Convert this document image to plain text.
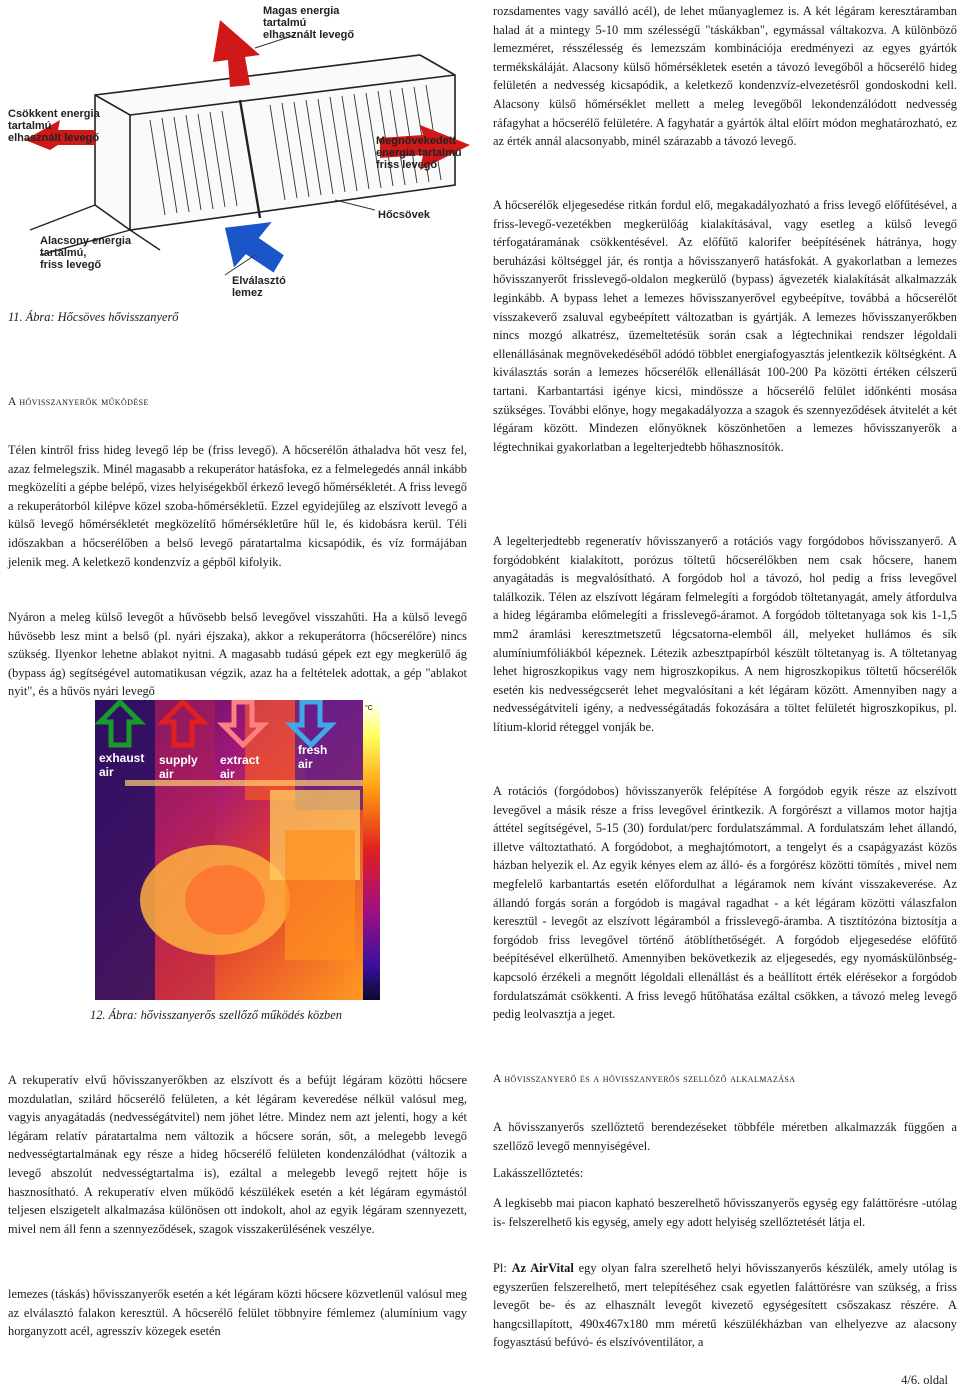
Magas energia
tartalmú
elhasznált levegő
Csökkent energia
tartalmú
elhasznált levegő	Megnövekedett
energia tartalmú
friss levegő
Hőcsövek
Alacsony energia
tartalmú,
friss levegő
Elválasztó
lemez
11. Ábra: Hőcsöves hővisszanyerő
A hővisszanyerők működése
Télen kintről friss hideg levegő lép be (friss levegő). A hőcserélőn áthaladva hőt vesz fel, azaz felmelegszik. Minél magasabb a rekuperátor hatásfoka, ez a felmelegedés annál inkább megközelíti a gépbe belépő, vizes helyiségekből érkező levegő hőmérsékletét. A friss levegő a rekuperátorból kilépve közel szoba-hőmérsékletű. Ezzel egyidejűleg az elszívott levegő a külső levegő hőmérsékletét megközelítő hőmérsékletűre hűl le, és kidobásra kerül. Téli időszakban a hőcserélőben a belső levegő páratartalma kicsapódik, és víz formájában jelenik meg. A keletkező kondenzvíz a gépből kifolyik.
Nyáron a meleg külső levegőt a hűvösebb belső levegővel visszahűti. Ha a külső levegő hűvösebb lesz mint a belső (pl. nyári éjszaka), akkor a rekuperátorra (hőcserélőre) nincs szükség. Ilyenkor lehetne ablakot nyitni. A magasabb tudású gépek ezt egy megkerülő ág (bypass ág) segítségével automatikusan végzik, azaz ha a feltételek adottak, a gép "ablakot nyit", és a hűvös nyári levegő
°C
exhaust
air
supply
air
extract
air
fresh
air
12. Ábra: hővisszanyerős szellőző működés közben
A rekuperatív elvű hővisszanyerőkben az elszívott és a befújt légáram közötti hőcsere mozdulatlan, szilárd hőcserélő felületen, a két légáram keveredése nélkül valósul meg, vagyis anyagátadás (nedvességátvitel) nem jöhet létre. Mindez nem azt jelenti, hogy a két légáram relatív páratartalma nem változik a hőcsere során, sőt, a melegebb levegő nedvességtartalmának egy része a hideg hőcserélő felületen kondenzálódhat (változik a levegő abszolút nedvességtartalma is), ezáltal a melegebb levegő rejtett hője is hasznosítható. A rekuperatív elven működő készülékek esetén a két légáram egymástól teljesen elszigetelt alkalmazása különösen ott indokolt, ahol az egyik légáram szennyezett, mivel nem áll fenn a szennyeződések, szagok visszakerülésének veszélye.
lemezes (táskás) hővisszanyerők esetén a két légáram közti hőcsere közvetlenül valósul meg az elválasztó falakon keresztül. A hőcserélő felület többnyire fémlemez (alumínium vagy horganyzott acél, agresszív közegek esetén
rozsdamentes vagy saválló acél), de lehet műanyaglemez is. A két légáram keresztáramban halad át a mintegy 5-10 mm szélességű "táskákban", egymással váltakozva. A különböző lemezméret, résszélesség és lemezszám kombinációja eredményezi az egyes gyártók termékskáláját. Alacsony külső hőmérsékletek esetén a távozó levegőből a hőcserélő hideg felületén a nedvesség kicsapódik, a keletkező kondenzvíz-elvezetésről gondoskodni kell. Alacsony külső hőmérséklet mellett a meleg levegőből lekondenzálódott nedvesség ráfagyhat a hőcserélő felületére. A fagyhatár a gyártók által előírt módon meghatározható, ez az érték annál alacsonyabb, minél szárazabb a távozó levegő.
A hőcserélők eljegesedése ritkán fordul elő, megakadályozható a friss levegő előfűtésével, a friss-levegő-vezetékben megkerülőág kialakításával, vagy esetleg a külső levegő térfogatáramának csökkentésével. Az előfűtő kalorifer beépítésének hátránya, hogy beruházási költséggel jár, és rontja a hővisszanyerő hatásfokát. A gyakorlatban a lemezes hővisszanyerőt frisslevegő-oldalon megkerülő (bypass) ágvezeték kialakítását alkalmazzák leginkább. A bypass lehet a lemezes hővisszanyerővel egybeépítve, továbbá a hőcserélőt visszakeverő zsaluval egybeépített változatban is gyártják. A lemezes hővisszanyerőkben nincs mozgó alkatrész, üzemeltetésük során csak a légtechnikai rendszer légoldali ellenállásának megnövekedéséből adódó többlet energiafogyasztás jelentkezik költségként. A kiválasztás során a lemezes hőcserélők ellenállását 100-200 Pa közötti értéken célszerű tartani. Karbantartási igénye kicsi, mindössze a hőcserélő felület időnkénti mosása szükséges. További előnye, hogy megakadályozza a szagok és szennyeződések átvitelét a két légáram között. Mindezen előnyöknek köszönhetően a lemezes hővisszanyerők a légtechnikai gyakorlatban a legelterjedtebb hőhasznosítók.
A legelterjedtebb regeneratív hővisszanyerő a rotációs vagy forgódobos hővisszanyerő. A forgódobként kialakított, porózus töltetű hőcserélőkben nem csak hőcsere, hanem anyagátadás is megvalósítható. A forgódob hol a távozó, hol pedig a friss levegővel találkozik. Télen az elszívott légáram felmelegíti a forgódob töltetanyagát, amely átfordulva a hideg légáramba előmelegíti a frisslevegő-áramot. A forgódob töltetanyaga sok kis 1-1,5 mm2 áramlási keresztmetszetű légcsatorna-elemből áll, melyeket hullámos és sík alumíniumfóliákból képeznek. Létezik azbesztpapírból készült töltetanyag is. A töltetanyag lehet higroszkopikus vagy nem higroszkopikus. A nem higroszkopikus töltetű hőcserélők esetén kis nedvességcserét lehet megvalósítani a két légáram között. Amennyiben nagy a nedvességátviteli igény, a nedvességátadás fokozására a töltet felületét higroszkopikus, pl. lítium-klorid réteggel vonják be.
A rotációs (forgódobos) hővisszanyerők felépítése A forgódob egyik része az elszívott levegővel a másik része a friss levegővel érintkezik. A forgórészt a villamos motor hajtja áttétel segítségével, 5-15 (30) fordulat/perc fordulatszámmal. A fordulatszám lehet állandó, illetve változtatható. A forgódobot, a meghajtómotort, a tengelyt és a csapágyazást közös házban helyezik el. Az egyik kényes elem az álló- és a forgórész közötti tömítés , mivel nem megfelelő karbantartás esetén előfordulhat a légáramok nem kívánt visszakeverése. Az állandó forgás során a forgódob is magával ragadhat - a két légáram közötti válaszfalon keresztül - levegőt az elszívott légáramból a frisslevegő-áramba. A tisztítózóna biztosítja a forgódob friss levegővel történő átöblíthetőségét. A forgódob eljegesedése előfűtő beépítésével elkerülhető. Amennyiben bekövetkezik az eljegesedés, egy nyomáskülönbség-kapcsoló érzékeli a megnőtt légoldali ellenállást és a beállított érték elérésekor a forgódob fordulatszámát csökkenti. A friss levegő hűtőhatása ezáltal csökken, a távozó meleg levegő pedig leolvasztja a jeget.
A hővisszanyerő és a hővisszanyerős szellőző alkalmazása
A hővisszanyerős szellőztető berendezéseket többféle méretben alkalmazzák függően a szellőző levegő mennyiségével.
Lakásszellőztetés:
A legkisebb mai piacon kapható beszerelhető hővisszanyerős egység egy faláttörésre -utólag is- felszerelhető kis egység, amely egy adott helyiség szellőztetését látja el.
Pl: Az AirVital egy olyan falra szerelhető helyi hővisszanyerős készülék, amely utólag is egyszerűen felszerelhető, mert telepítéséhez csak egyetlen faláttörésre van szükség, a friss levegőt be- és az elhasznált levegőt kivezető egységesített csőszakasz részére. A hangcsillapított, 490x467x180 mm méretű készülékházban van elhelyezve az alacsony fogyasztású befúvó- és elszívóventilátor, a
4/6. oldal
